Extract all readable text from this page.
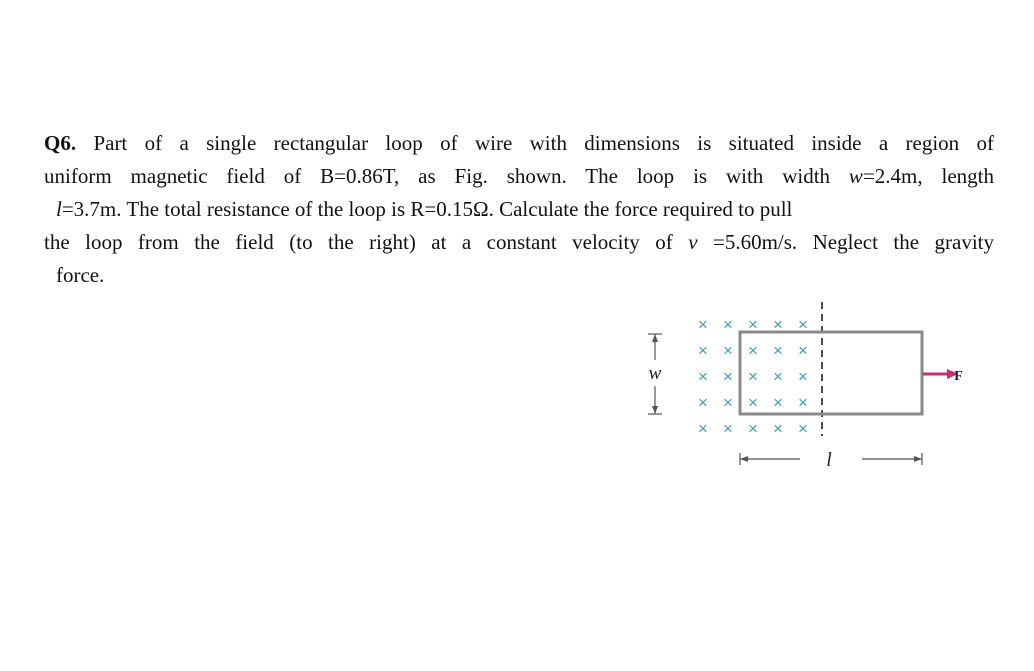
Q6. Part of a single rectangular loop of wire with dimensions is situated inside a region of
uniform magnetic field of B=0.86T, as Fig. shown. The loop is with width w=2.4m, length
l=3.7m. The total resistance of the loop is R=0.15Ω. Calculate the force required to pull
the loop from the field (to the right) at a constant velocity of v =5.60m/s. Neglect the gravity
force.
× × × × ×
× × × × ×
× × × × ×
× × × × ×
× × × × ×
w
l
F⃗
